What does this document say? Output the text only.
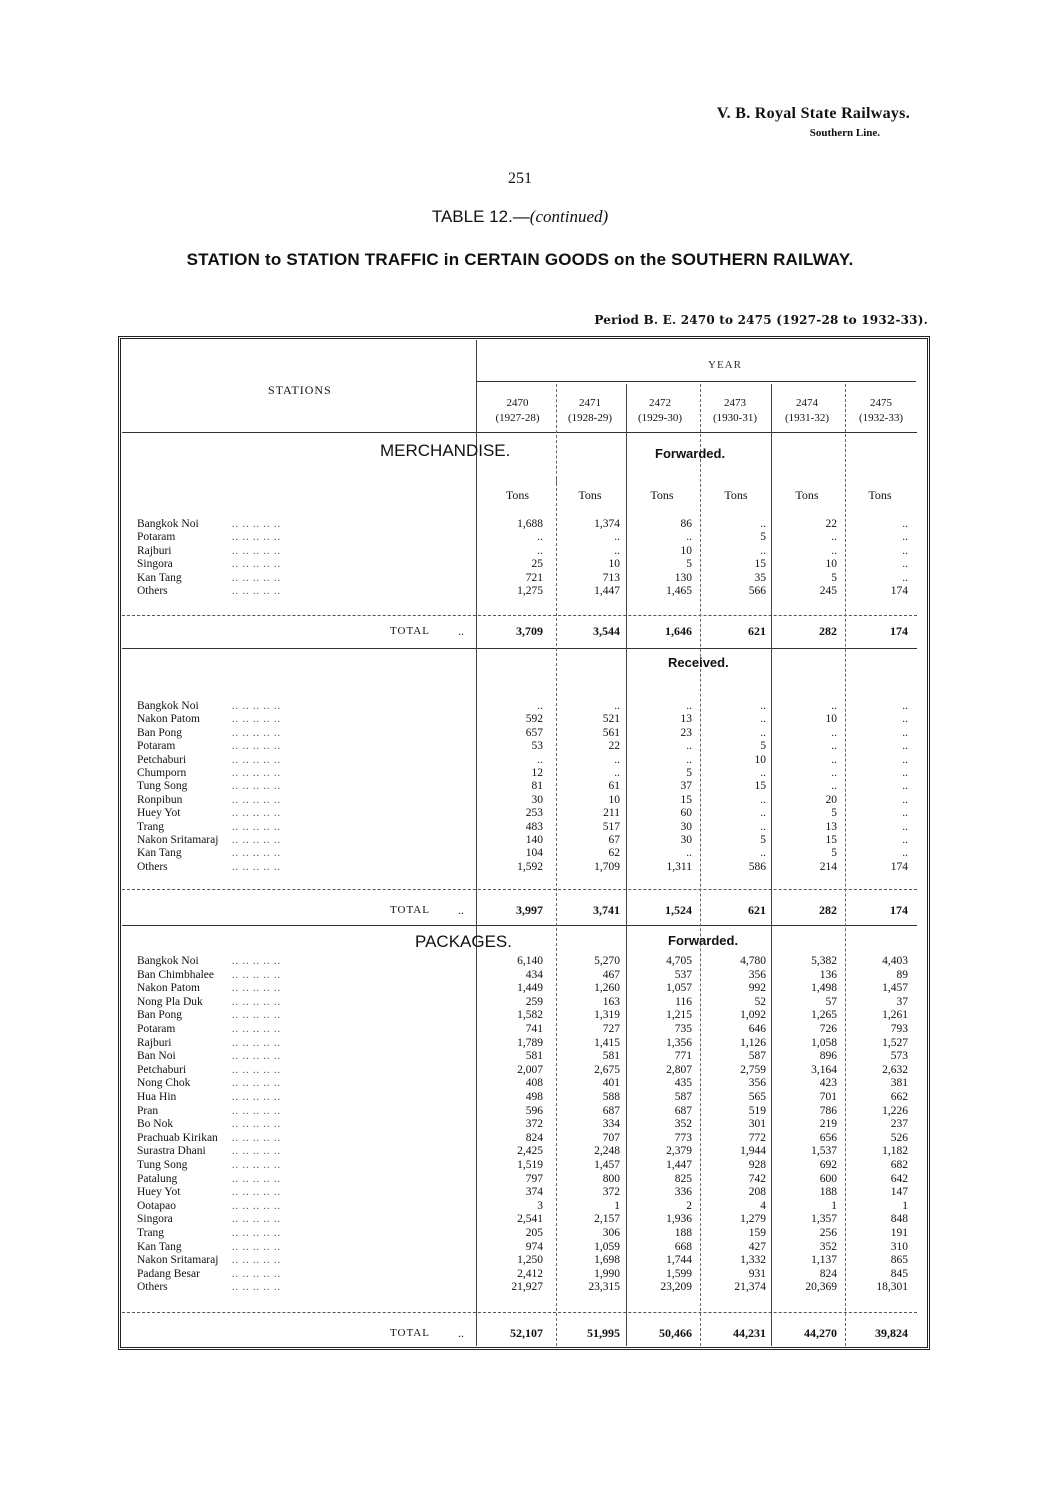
V. B. Royal State Railways.
Southern Line.
251
TABLE 12.—(continued)
STATION to STATION TRAFFIC in CERTAIN GOODS on the SOUTHERN RAILWAY.
Period B. E. 2470 to 2475 (1927-28 to 1932-33).
STATIONS
YEAR
2470
(1927-28)
2471
(1928-29)
2472
(1929-30)
2473
(1930-31)
2474
(1931-32)
2475
(1932-33)
MERCHANDISE.	Forwarded.
Tons	Tons	Tons	Tons	Tons	Tons
Bangkok Noi	.. .. .. .. ..	1,688	1,374	86	..	22	..
Potaram	.. .. .. .. ..	..	..	..	5	..	..
Rajburi	.. .. .. .. ..	..	..	10	..	..	..
Singora	.. .. .. .. ..	25	10	5	15	10	..
Kan Tang	.. .. .. .. ..	721	713	130	35	5	..
Others	.. .. .. .. ..	1,275	1,447	1,465	566	245	174
TOTAL ..	3,709	3,544	1,646	621	282	174
Received.
Bangkok Noi	.. .. .. .. ..	..	..	..	..	..	..
Nakon Patom	.. .. .. .. ..	592	521	13	..	10	..
Ban Pong	.. .. .. .. ..	657	561	23	..	..	..
Potaram	.. .. .. .. ..	53	22	..	5	..	..
Petchaburi	.. .. .. .. ..	..	..	..	10	..	..
Chumporn	.. .. .. .. ..	12	..	5	..	..	..
Tung Song	.. .. .. .. ..	81	61	37	15	..	..
Ronpibun	.. .. .. .. ..	30	10	15	..	20	..
Huey Yot	.. .. .. .. ..	253	211	60	..	5	..
Trang	.. .. .. .. ..	483	517	30	..	13	..
Nakon Sritamaraj	.. .. .. .. ..	140	67	30	5	15	..
Kan Tang	.. .. .. .. ..	104	62	..	..	5	..
Others	.. .. .. .. ..	1,592	1,709	1,311	586	214	174
TOTAL ..	3,997	3,741	1,524	621	282	174
PACKAGES.	Forwarded.
Bangkok Noi	.. .. .. .. ..	6,140	5,270	4,705	4,780	5,382	4,403
Ban Chimbhalee	.. .. .. .. ..	434	467	537	356	136	89
Nakon Patom	.. .. .. .. ..	1,449	1,260	1,057	992	1,498	1,457
Nong Pla Duk	.. .. .. .. ..	259	163	116	52	57	37
Ban Pong	.. .. .. .. ..	1,582	1,319	1,215	1,092	1,265	1,261
Potaram	.. .. .. .. ..	741	727	735	646	726	793
Rajburi	.. .. .. .. ..	1,789	1,415	1,356	1,126	1,058	1,527
Ban Noi	.. .. .. .. ..	581	581	771	587	896	573
Petchaburi	.. .. .. .. ..	2,007	2,675	2,807	2,759	3,164	2,632
Nong Chok	.. .. .. .. ..	408	401	435	356	423	381
Hua Hin	.. .. .. .. ..	498	588	587	565	701	662
Pran	.. .. .. .. ..	596	687	687	519	786	1,226
Bo Nok	.. .. .. .. ..	372	334	352	301	219	237
Prachuab Kirikan	.. .. .. .. ..	824	707	773	772	656	526
Surastra Dhani	.. .. .. .. ..	2,425	2,248	2,379	1,944	1,537	1,182
Tung Song	.. .. .. .. ..	1,519	1,457	1,447	928	692	682
Patalung	.. .. .. .. ..	797	800	825	742	600	642
Huey Yot	.. .. .. .. ..	374	372	336	208	188	147
Ootapao	.. .. .. .. ..	3	1	2	4	1	1
Singora	.. .. .. .. ..	2,541	2,157	1,936	1,279	1,357	848
Trang	.. .. .. .. ..	205	306	188	159	256	191
Kan Tang	.. .. .. .. ..	974	1,059	668	427	352	310
Nakon Sritamaraj	.. .. .. .. ..	1,250	1,698	1,744	1,332	1,137	865
Padang Besar	.. .. .. .. ..	2,412	1,990	1,599	931	824	845
Others	.. .. .. .. ..	21,927	23,315	23,209	21,374	20,369	18,301
TOTAL ..	52,107	51,995	50,466	44,231	44,270	39,824
